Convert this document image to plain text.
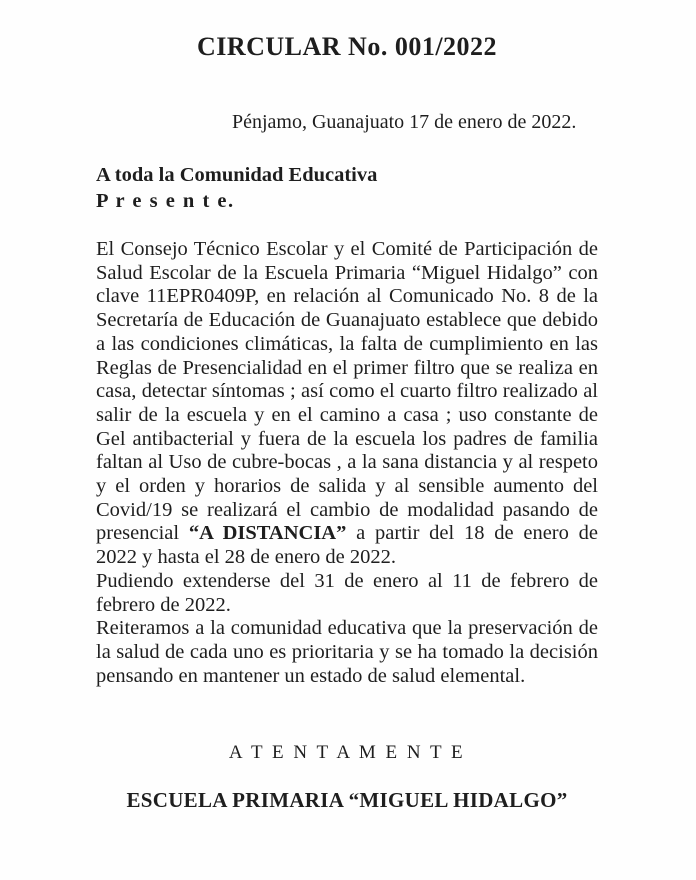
CIRCULAR No. 001/2022
Pénjamo, Guanajuato 17 de enero de 2022.
A toda la Comunidad Educativa
P r e s e n t e.
El Consejo Técnico Escolar y el Comité de Participación de
Salud Escolar de la Escuela Primaria “Miguel Hidalgo” con
clave 11EPR0409P, en relación al Comunicado No. 8 de la
Secretaría de Educación de Guanajuato establece que debido
a las condiciones climáticas, la falta de cumplimiento en las
Reglas de Presencialidad en el primer filtro que se realiza en
casa, detectar síntomas ; así como el cuarto filtro realizado al
salir de la escuela y en el camino a casa ; uso constante de
Gel antibacterial y fuera de la escuela los padres de familia
faltan al Uso de cubre-bocas , a la sana distancia y al respeto
y el orden y horarios de salida y al sensible aumento del
Covid/19 se realizará el cambio de modalidad pasando de
presencial “A DISTANCIA” a partir del 18 de enero de
2022 y hasta el 28 de enero de 2022.
Pudiendo extenderse del 31 de enero al 11 de febrero de
febrero de 2022.
Reiteramos a la comunidad educativa que la preservación de
la salud de cada uno es prioritaria y se ha tomado la decisión
pensando en mantener un estado de salud elemental.
A T E N T A M E N T E
ESCUELA PRIMARIA “MIGUEL HIDALGO”
